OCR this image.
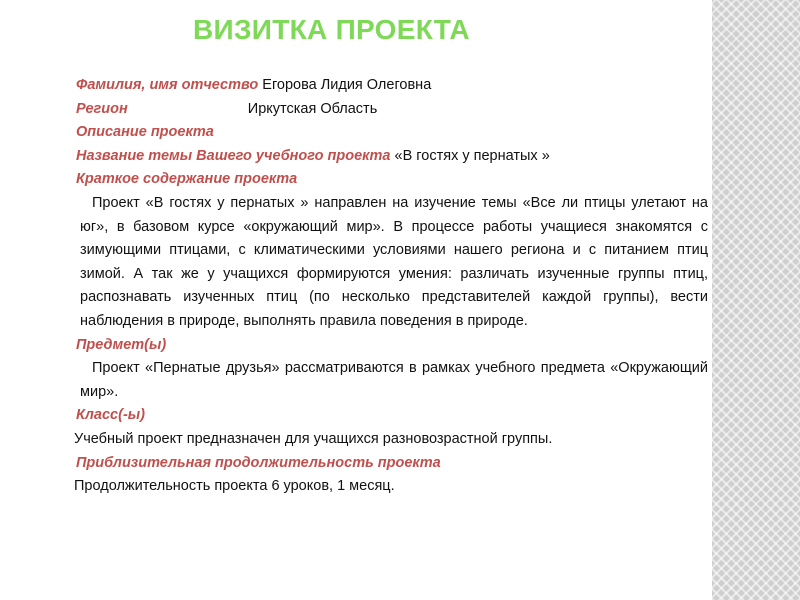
ВИЗИТКА ПРОЕКТА
Фамилия, имя отчество Егорова Лидия Олеговна
Регион	Иркутская Область
Описание проекта
Название темы Вашего учебного проекта «В гостях у пернатых »
Краткое содержание проекта

Проект «В гостях у пернатых » направлен на изучение темы «Все ли птицы улетают на юг», в базовом курсе «окружающий мир». В процессе работы учащиеся знакомятся с зимующими птицами, с климатическими условиями нашего региона и с питанием птиц зимой. А так же у учащихся формируются умения: различать изученные группы птиц, распознавать изученных птиц (по несколько представителей каждой группы), вести наблюдения в природе, выполнять правила поведения в природе.

Предмет(ы)

Проект «Пернатые друзья» рассматриваются в рамках учебного предмета «Окружающий мир».

Класс(-ы)
Учебный проект предназначен для учащихся разновозрастной группы.
Приблизительная продолжительность проекта
Продолжительность проекта 6 уроков, 1 месяц.
